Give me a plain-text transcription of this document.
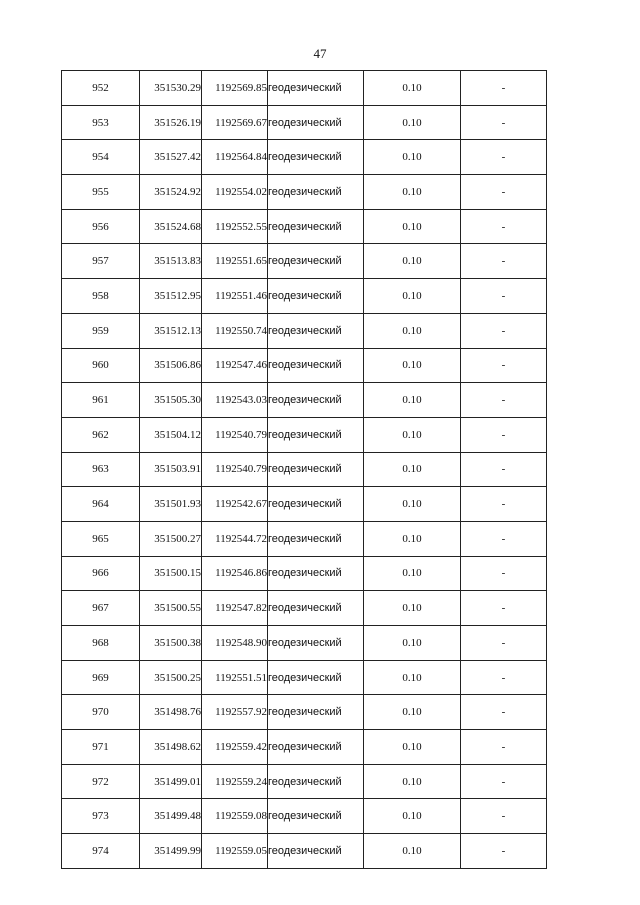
47
952	351530.29	1192569.85	геодезический	0.10	-
953	351526.19	1192569.67	геодезический	0.10	-
954	351527.42	1192564.84	геодезический	0.10	-
955	351524.92	1192554.02	геодезический	0.10	-
956	351524.68	1192552.55	геодезический	0.10	-
957	351513.83	1192551.65	геодезический	0.10	-
958	351512.95	1192551.46	геодезический	0.10	-
959	351512.13	1192550.74	геодезический	0.10	-
960	351506.86	1192547.46	геодезический	0.10	-
961	351505.30	1192543.03	геодезический	0.10	-
962	351504.12	1192540.79	геодезический	0.10	-
963	351503.91	1192540.79	геодезический	0.10	-
964	351501.93	1192542.67	геодезический	0.10	-
965	351500.27	1192544.72	геодезический	0.10	-
966	351500.15	1192546.86	геодезический	0.10	-
967	351500.55	1192547.82	геодезический	0.10	-
968	351500.38	1192548.90	геодезический	0.10	-
969	351500.25	1192551.51	геодезический	0.10	-
970	351498.76	1192557.92	геодезический	0.10	-
971	351498.62	1192559.42	геодезический	0.10	-
972	351499.01	1192559.24	геодезический	0.10	-
973	351499.48	1192559.08	геодезический	0.10	-
974	351499.99	1192559.05	геодезический	0.10	-
